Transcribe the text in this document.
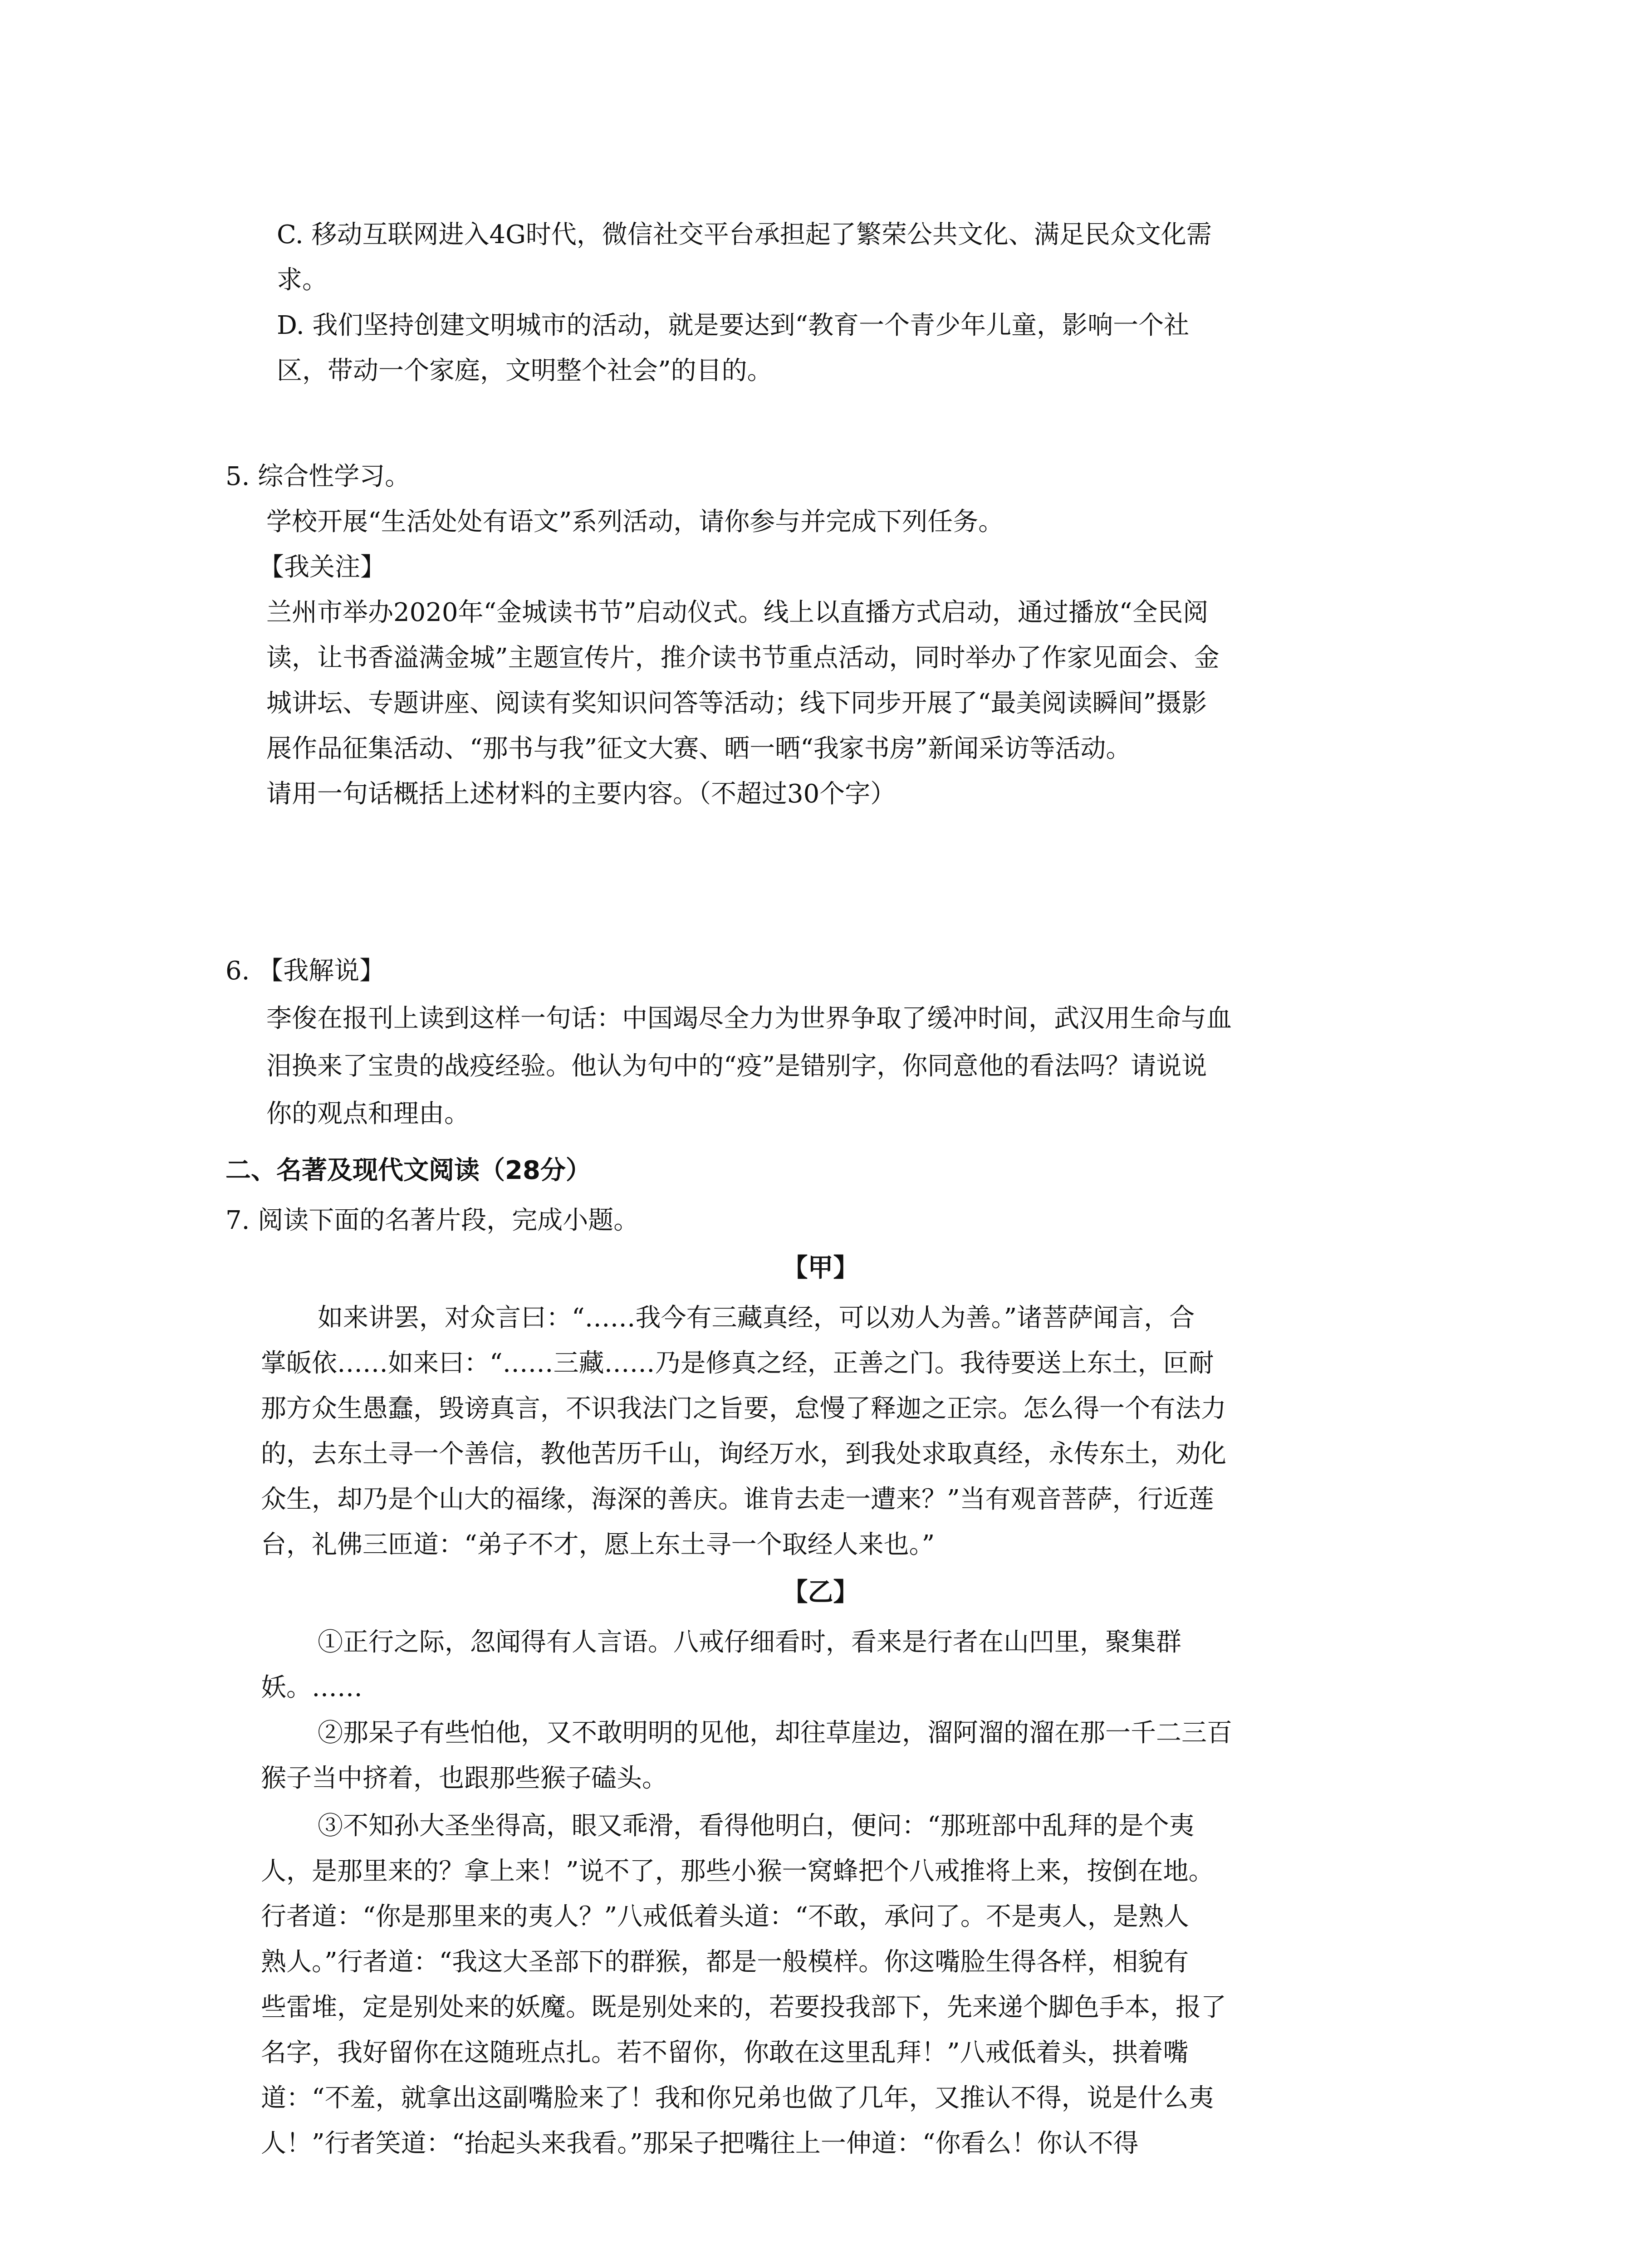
C. 移动互联网进入4G时代，微信社交平台承担起了繁荣公共文化、满足民众文化需

求。

D. 我们坚持创建文明城市的活动，就是要达到“教育一个青少年儿童，影响一个社

区，带动一个家庭，文明整个社会”的目的。

5. 综合性学习。

学校开展“生活处处有语文”系列活动，请你参与并完成下列任务。

【我关注】

兰州市举办2020年“金城读书节”启动仪式。线上以直播方式启动，通过播放“全民阅

读，让书香溢满金城”主题宣传片，推介读书节重点活动，同时举办了作家见面会、金

城讲坛、专题讲座、阅读有奖知识问答等活动；线下同步开展了“最美阅读瞬间”摄影

展作品征集活动、“那书与我”征文大赛、晒一晒“我家书房”新闻采访等活动。

请用一句话概括上述材料的主要内容。（不超过30个字）

6. 【我解说】

李俊在报刊上读到这样一句话：中国竭尽全力为世界争取了缓冲时间，武汉用生命与血

泪换来了宝贵的战疫经验。他认为句中的“疫”是错别字，你同意他的看法吗？请说说

你的观点和理由。

二、名著及现代文阅读（28分）

7. 阅读下面的名著片段，完成小题。

【甲】

如来讲罢，对众言曰：“……我今有三藏真经，可以劝人为善。”诸菩萨闻言，合

掌皈依……如来曰：“……三藏……乃是修真之经，正善之门。我待要送上东土，叵耐

那方众生愚蠢，毁谤真言，不识我法门之旨要，怠慢了释迦之正宗。怎么得一个有法力

的，去东土寻一个善信，教他苦历千山，询经万水，到我处求取真经，永传东土，劝化

众生，却乃是个山大的福缘，海深的善庆。谁肯去走一遭来？”当有观音菩萨，行近莲

台，礼佛三匝道：“弟子不才，愿上东土寻一个取经人来也。”

【乙】

①正行之际，忽闻得有人言语。八戒仔细看时，看来是行者在山凹里，聚集群

妖。……

②那呆子有些怕他，又不敢明明的见他，却往草崖边，溜阿溜的溜在那一千二三百

猴子当中挤着，也跟那些猴子磕头。

③不知孙大圣坐得高，眼又乖滑，看得他明白，便问：“那班部中乱拜的是个夷

人，是那里来的？拿上来！”说不了，那些小猴一窝蜂把个八戒推将上来，按倒在地。

行者道：“你是那里来的夷人？”八戒低着头道：“不敢，承问了。不是夷人，是熟人

熟人。”行者道：“我这大圣部下的群猴，都是一般模样。你这嘴脸生得各样，相貌有

些雷堆，定是别处来的妖魔。既是别处来的，若要投我部下，先来递个脚色手本，报了

名字，我好留你在这随班点扎。若不留你，你敢在这里乱拜！”八戒低着头，拱着嘴

道：“不羞，就拿出这副嘴脸来了！我和你兄弟也做了几年，又推认不得，说是什么夷

人！”行者笑道：“抬起头来我看。”那呆子把嘴往上一伸道：“你看么！你认不得
